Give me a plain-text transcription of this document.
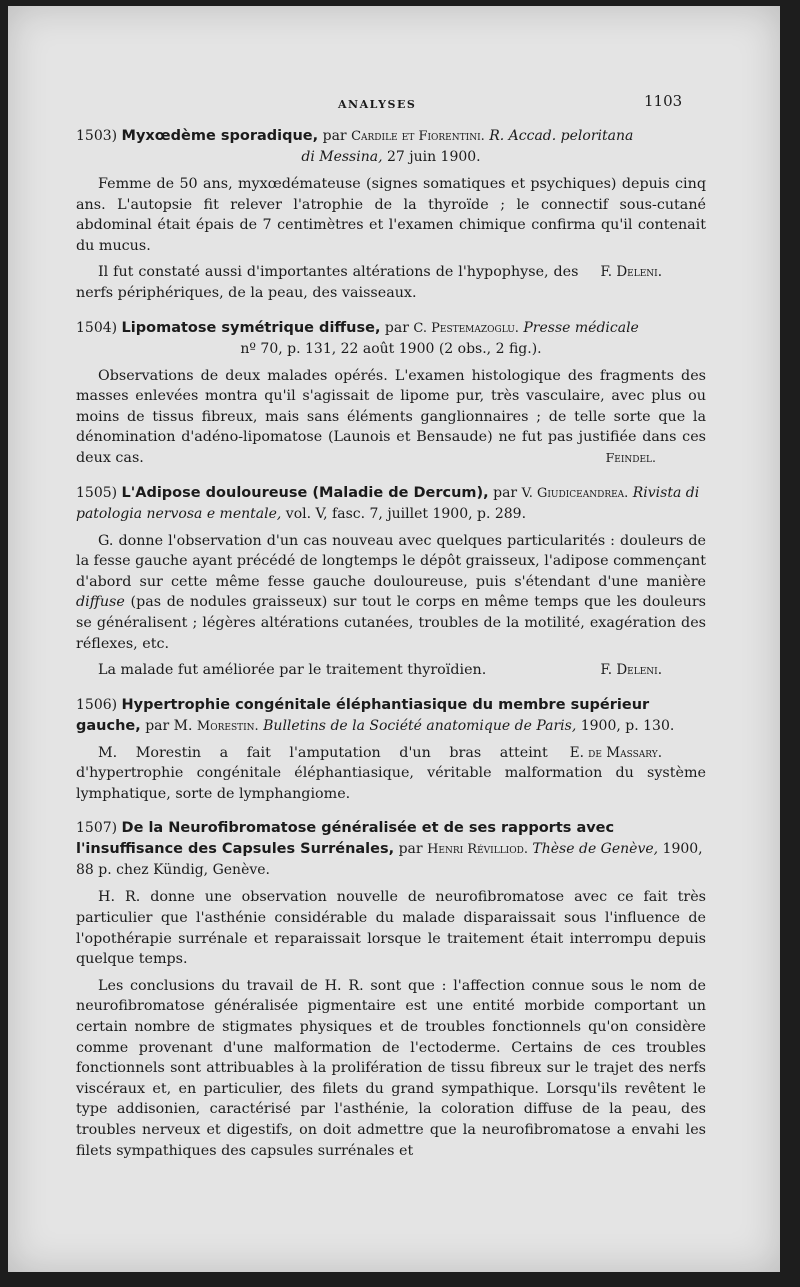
ANALYSES	1103
1503) Myxœdème sporadique, par Cardile et Fiorentini. R. Accad. peloritana
di Messina, 27 juin 1900.

Femme de 50 ans, myxœdémateuse (signes somatiques et psychiques) depuis cinq ans. L'autopsie fit relever l'atrophie de la thyroïde ; le connectif sous-cutané abdominal était épais de 7 centimètres et l'examen chimique confirma qu'il contenait du mucus.

F. Deleni.
Il fut constaté aussi d'importantes altérations de l'hypophyse, des nerfs périphériques, de la peau, des vaisseaux.

1504) Lipomatose symétrique diffuse, par C. Pestemazoglu. Presse médicale
nº 70, p. 131, 22 août 1900 (2 obs., 2 fig.).

Observations de deux malades opérés. L'examen histologique des fragments des masses enlevées montra qu'il s'agissait de lipome pur, très vasculaire, avec plus ou moins de tissus fibreux, mais sans éléments ganglionnaires ; de telle sorte que la dénomination d'adéno-lipomatose (Launois et Bensaude) ne fut pas justifiée dans ces deux cas.	Feindel.

1505) L'Adipose douloureuse (Maladie de Dercum), par V. Giudiceandrea. Rivista di patologia nervosa e mentale, vol. V, fasc. 7, juillet 1900, p. 289.

G. donne l'observation d'un cas nouveau avec quelques particularités : douleurs de la fesse gauche ayant précédé de longtemps le dépôt graisseux, l'adipose commençant d'abord sur cette même fesse gauche douloureuse, puis s'étendant d'une manière diffuse (pas de nodules graisseux) sur tout le corps en même temps que les douleurs se généralisent ; légères altérations cutanées, troubles de la motilité, exagération des réflexes, etc.

F. Deleni.
La malade fut améliorée par le traitement thyroïdien.

1506) Hypertrophie congénitale éléphantiasique du membre supérieur gauche, par M. Morestin. Bulletins de la Société anatomique de Paris, 1900, p. 130.

E. de Massary.
M. Morestin a fait l'amputation d'un bras atteint d'hypertrophie congénitale éléphantiasique, véritable malformation du système lymphatique, sorte de lymphangiome.

1507) De la Neurofibromatose généralisée et de ses rapports avec l'insuffisance des Capsules Surrénales, par Henri Révilliod. Thèse de Genève, 1900, 88 p. chez Kündig, Genève.

H. R. donne une observation nouvelle de neurofibromatose avec ce fait très particulier que l'asthénie considérable du malade disparaissait sous l'influence de l'opothérapie surrénale et reparaissait lorsque le traitement était interrompu depuis quelque temps.

Les conclusions du travail de H. R. sont que : l'affection connue sous le nom de neurofibromatose généralisée pigmentaire est une entité morbide comportant un certain nombre de stigmates physiques et de troubles fonctionnels qu'on considère comme provenant d'une malformation de l'ectoderme. Certains de ces troubles fonctionnels sont attribuables à la prolifération de tissu fibreux sur le trajet des nerfs viscéraux et, en particulier, des filets du grand sympathique. Lorsqu'ils revêtent le type addisonien, caractérisé par l'asthénie, la coloration diffuse de la peau, des troubles nerveux et digestifs, on doit admettre que la neurofibromatose a envahi les filets sympathiques des capsules surrénales et
